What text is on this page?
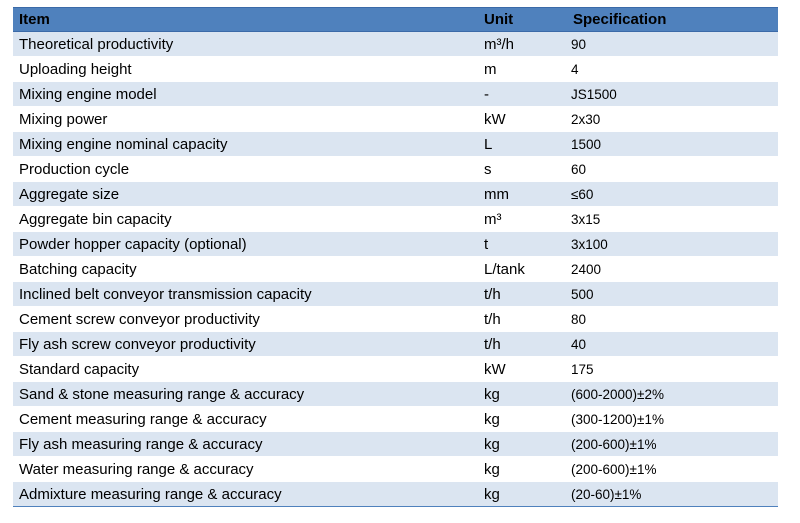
Item	Unit	Specification
Theoretical productivity	m³/h	90
Uploading height	m	4
Mixing engine model	-	JS1500
Mixing power	kW	2x30
Mixing engine nominal capacity	L	1500
Production cycle	s	60
Aggregate size	mm	≤60
Aggregate bin capacity	m³	3x15
Powder hopper capacity (optional)	t	3x100
Batching capacity	L/tank	2400
Inclined belt conveyor transmission capacity	t/h	500
Cement screw conveyor productivity	t/h	80
Fly ash screw conveyor productivity	t/h	40
Standard capacity	kW	175
Sand & stone measuring range & accuracy	kg	(600-2000)±2%
Cement measuring range & accuracy	kg	(300-1200)±1%
Fly ash measuring range & accuracy	kg	(200-600)±1%
Water measuring range & accuracy	kg	(200-600)±1%
Admixture measuring range & accuracy	kg	(20-60)±1%
